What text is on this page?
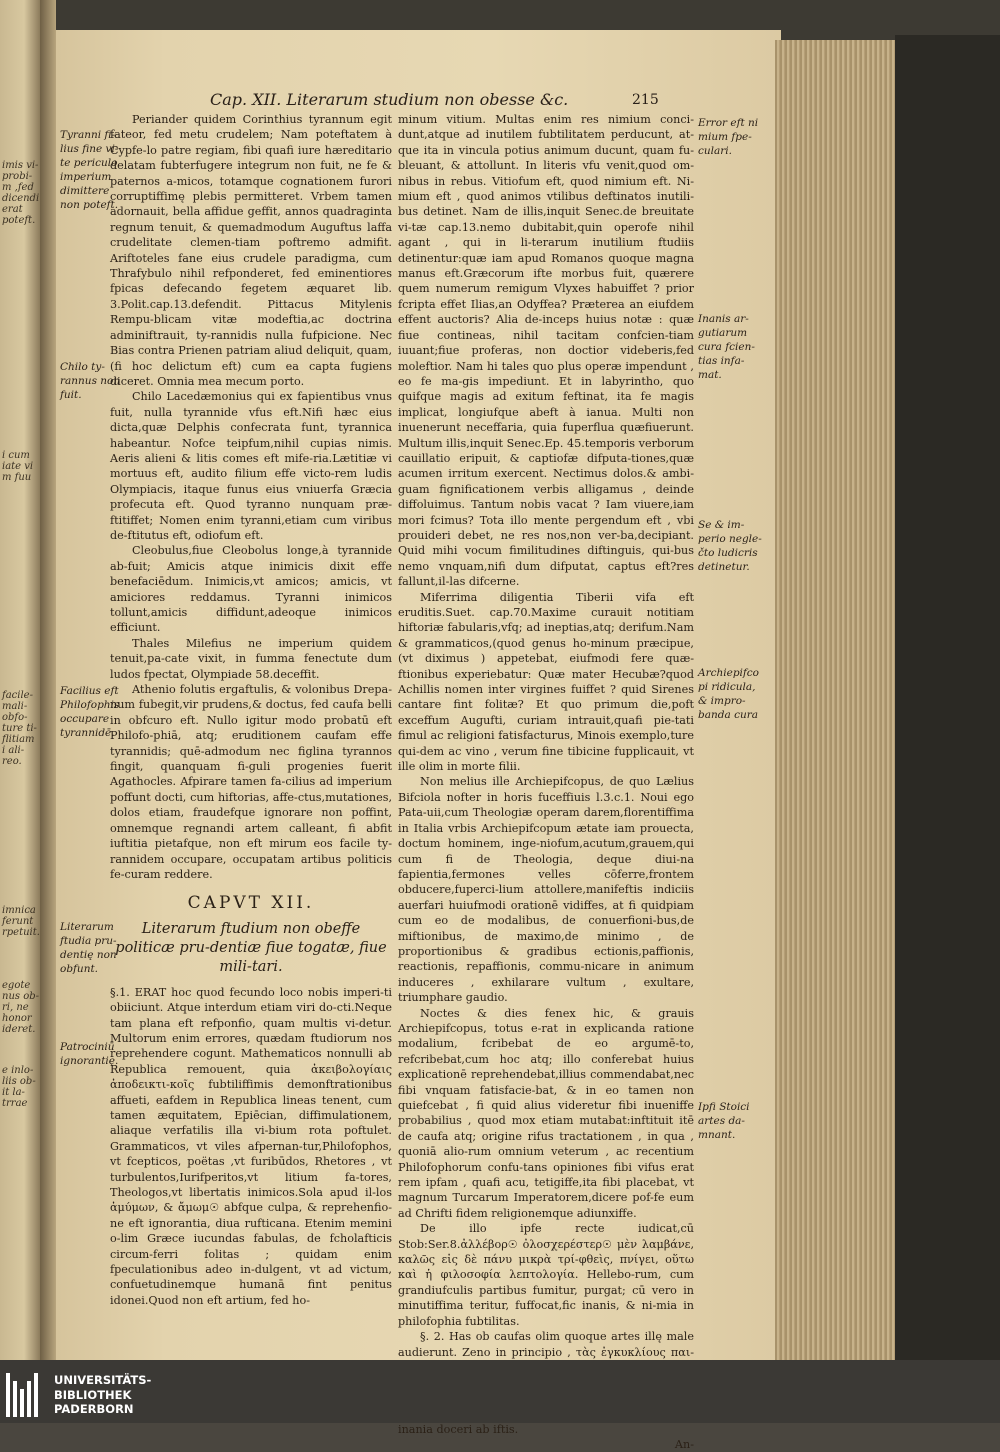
imis vi-
probi-
m ,fed
dicendi
erat
poteft.
i cum
iate vi
m fuu
facile-
mali-
obfo-
ture ti-
flitiam
i ali-
reo.
imnica
ferunt
rpetuit.
egote
nus ob-
ri, ne
honor
ideret.
e inlo-
liis ob-
it la-
trrae
Cap. XII. Literarum studium non obesse &c.	215
Tyranni fi-
lius fine vi-
te periculo
imperium
dimittere
non poteft.
Chilo ty-
rannus non
fuit.
Facilius eft
Philofophis
occupare
tyrannidē.
Literarum
ftudia pru-
dentię non
obfunt.
Patrociniū
ignorantię.
Error eft ni
mium fpe-
culari.
Inanis ar-
gutiarum
cura fcien-
tias infa-
mat.
Se & im-
perio negle-
čto ludicris
detinetur.
Archiepifco
pi ridicula,
& impro-
banda cura
Ipfi Stoici
artes da-
mnant.

Periander quidem Corinthius tyrannum egit fateor, fed metu crudelem; Nam poteftatem à Cypfe-lo patre regiam, fibi quafi iure hæreditario delatam fubterfugere integrum non fuit, ne fe & paternos a-micos, totamque cognationem furori corruptiffimę plebis permitteret. Vrbem tamen adornauit, bella affidue geffit, annos quadraginta regnum tenuit, & quemadmodum Auguftus laffa crudelitate clemen-tiam poftremo admifit. Ariftoteles fane eius crudele paradigma, cum Thrafybulo nihil refponderet, fed eminentiores fpicas defecando fegetem æquaret lib. 3.Polit.cap.13.defendit. Pittacus Mitylenis Rempu-blicam vitæ modeftia,ac doctrina adminiftrauit, ty-rannidis nulla fufpicione. Nec Bias contra Prienen patriam aliud deliquit, quam, (fi hoc delictum eft) cum ea capta fugiens diceret. Omnia mea mecum porto.

Chilo Lacedæmonius qui ex fapientibus vnus fuit, nulla tyrannide vfus eft.Nifi hæc eius dicta,quæ Delphis confecrata funt, tyrannica habeantur. Nofce teipfum,nihil cupias nimis. Aeris alieni & litis comes eft mife-ria.Lætitiæ vi mortuus eft, audito filium effe victo-rem ludis Olympiacis, itaque funus eius vniuerfa Græcia profecuta eft. Quod tyranno nunquam præ-ftitiffet; Nomen enim tyranni,etiam cum viribus de-ftitutus eft, odiofum eft.

Cleobulus,fiue Cleobolus longe,à tyrannide ab-fuit; Amicis atque inimicis dixit effe benefaciēdum. Inimicis,vt amicos; amicis, vt amiciores reddamus. Tyranni inimicos tollunt,amicis diffidunt,adeoque inimicos efficiunt.

Thales Milefius ne imperium quidem tenuit,pa-cate vixit, in fumma fenectute dum ludos fpectat, Olympiade 58.deceffit.

Athenio folutis ergaftulis, & volonibus Drepa-num fubegit,vir prudens,& doctus, fed caufa belli in obfcuro eft. Nullo igitur modo probatū eft Philofo-phiā, atq; eruditionem caufam effe tyrannidis; quē-admodum nec figlina tyrannos fingit, quanquam fi-guli progenies fuerit Agathocles. Afpirare tamen fa-cilius ad imperium poffunt docti, cum hiftorias, affe-ctus,mutationes, dolos etiam, fraudefque ignorare non poffint, omnemque regnandi artem calleant, fi abfit iuftitia pietafque, non eft mirum eos facile ty-rannidem occupare, occupatam artibus politicis fe-curam reddere.

CAPVT XII.
Literarum ftudium non obeffe politicæ pru-dentiæ fiue togatæ, fiue mili-tari.

§.1. ERAT hoc quod fecundo loco nobis imperi-ti obiiciunt. Atque interdum etiam viri do-cti.Neque tam plana eft refponfio, quam multis vi-detur. Multorum enim errores, quædam ftudiorum nos reprehendere cogunt. Mathematicos nonnulli ab Republica remouent, quia ἀκειβολογίαις ἀποδεικτι-κοῖς fubtiliffimis demonftrationibus affueti, eafdem in Republica lineas tenent, cum tamen æquitatem, Epiēcian, diffimulationem, aliaque verfatilis illa vi-bium rota poftulet. Grammaticos, vt viles afpernan-tur,Philofophos, vt fcepticos, poëtas ,vt furibūdos, Rhetores , vt turbulentos,Iurifperitos,vt litium fa-tores, Theologos,vt libertatis inimicos.Sola apud il-los ἀμύμων, & ἄμωμ☉ abfque culpa, & reprehenfio-ne eft ignorantia, diua rufticana. Etenim memini o-lim Græce iucundas fabulas, de fcholafticis circum-ferri folitas ; quidam enim fpeculationibus adeo in-dulgent, vt ad victum, confuetudinemque humanā fint penitus idonei.Quod non eft artium, fed ho-

minum vitium. Multas enim res nimium conci-dunt,atque ad inutilem fubtilitatem perducunt, at-que ita in vincula potius animum ducunt, quam fu-bleuant, & attollunt. In literis vfu venit,quod om-nibus in rebus. Vitiofum eft, quod nimium eft. Ni-mium eft , quod animos vtilibus deftinatos inutili-bus detinet. Nam de illis,inquit Senec.de breuitate vi-tæ cap.13.nemo dubitabit,quin operofe nihil agant , qui in li-terarum inutilium ftudiis detinentur:quæ iam apud Romanos quoque magna manus eft.Græcorum ifte morbus fuit, quærere quem numerum remigum Vlyxes habuiffet ? prior fcripta effet Ilias,an Odyffea? Præterea an eiufdem effent auctoris? Alia de-inceps huius notæ : quæ fiue contineas, nihil tacitam confcien-tiam iuuant;fiue proferas, non doctior videberis,fed moleftior. Nam hi tales quo plus operæ impendunt , eo fe ma-gis impediunt. Et in labyrintho, quo quifque magis ad exitum feftinat, ita fe magis implicat, longiufque abeft à ianua. Multi non inuenerunt neceffaria, quia fuperflua quæfiuerunt. Multum illis,inquit Senec.Ep. 45.temporis verborum cauillatio eripuit, & captiofæ difputa-tiones,quæ acumen irritum exercent. Nectimus dolos.& ambi-guam fignificationem verbis alligamus , deinde diffoluimus. Tantum nobis vacat ? Iam viuere,iam mori fcimus? Tota illo mente pergendum eft , vbi prouideri debet, ne res nos,non ver-ba,decipiant. Quid mihi vocum fimilitudines diftinguis, qui-bus nemo vnquam,nifi dum difputat, captus eft?res fallunt,il-las difcerne.

Miferrima diligentia Tiberii vifa eft eruditis.Suet. cap.70.Maxime curauit notitiam hiftoriæ fabularis,vfq; ad ineptias,atq; derifum.Nam & grammaticos,(quod genus ho-minum præcipue, (vt diximus ) appetebat, eiufmodi fere quæ-ftionibus experiebatur: Quæ mater Hecubæ?quod Achillis nomen inter virgines fuiffet ? quid Sirenes cantare fint folitæ? Et quo primum die,poft exceffum Augufti, curiam intrauit,quafi pie-tati fimul ac religioni fatisfacturus, Minois exemplo,ture qui-dem ac vino , verum fine tibicine fupplicauit, vt ille olim in morte filii.

Non melius ille Archiepifcopus, de quo Lælius Bifciola nofter in horis fuceffiuis l.3.c.1. Noui ego Pata-uii,cum Theologiæ operam darem,florentiffima in Italia vrbis Archiepifcopum ætate iam prouecta, doctum hominem, inge-niofum,acutum,grauem,qui cum fi de Theologia, deque diui-na fapientia,fermones velles cōferre,frontem obducere,fuperci-lium attollere,manifeftis indiciis auerfari huiufmodi orationē vidiffes, at fi quidpiam cum eo de modalibus, de conuerfioni-bus,de miftionibus, de maximo,de minimo , de proportionibus & gradibus ectionis,paffionis, reactionis, repaffionis, commu-nicare in animum induceres , exhilarare vultum , exultare, triumphare gaudio.

Noctes & dies fenex hic, & grauis Archiepifcopus, totus e-rat in explicanda ratione modalium, fcribebat de eo argumē-to, refcribebat,cum hoc atq; illo conferebat huius explicationē reprehendebat,illius commendabat,nec fibi vnquam fatisfacie-bat, & in eo tamen non quiefcebat , fi quid alius videretur fibi inueniffe probabilius , quod mox etiam mutabat:inftituit itē de caufa atq; origine rifus tractationem , in qua , quoniā alio-rum omnium veterum , ac recentium Philofophorum confu-tans opiniones fibi vifus erat rem ipfam , quafi acu, tetigiffe,ita fibi placebat, vt magnum Turcarum Imperatorem,dicere pof-fe eum ad Chrifti fidem religionemque adiunxiffe.

De illo ipfe recte iudicat,cū Stob:Ser.8.ἀλλέβορ☉ ὀλοσχερέστερ☉ μὲν λαμβάνε, καλῶς εἰς δὲ πάνυ μικρὰ τρί-φθεὶς, πνίγει, οὕτω καὶ ἡ φιλοσοφία λεπτολογία. Hellebo-rum, cum grandiufculis partibus fumitur, purgat; cū vero in minutiffima teritur, fuffocat,fic inanis, & ni-mia in philofophia fubtilitas.

§. 2. Has ob caufas olim quoque artes illę male audierunt. Zeno in principio , τὰς ἐγκυκλίους παι- inania doceri ab iftis.

An-

UNIVERSITÄTS-
BIBLIOTHEK
PADERBORN
